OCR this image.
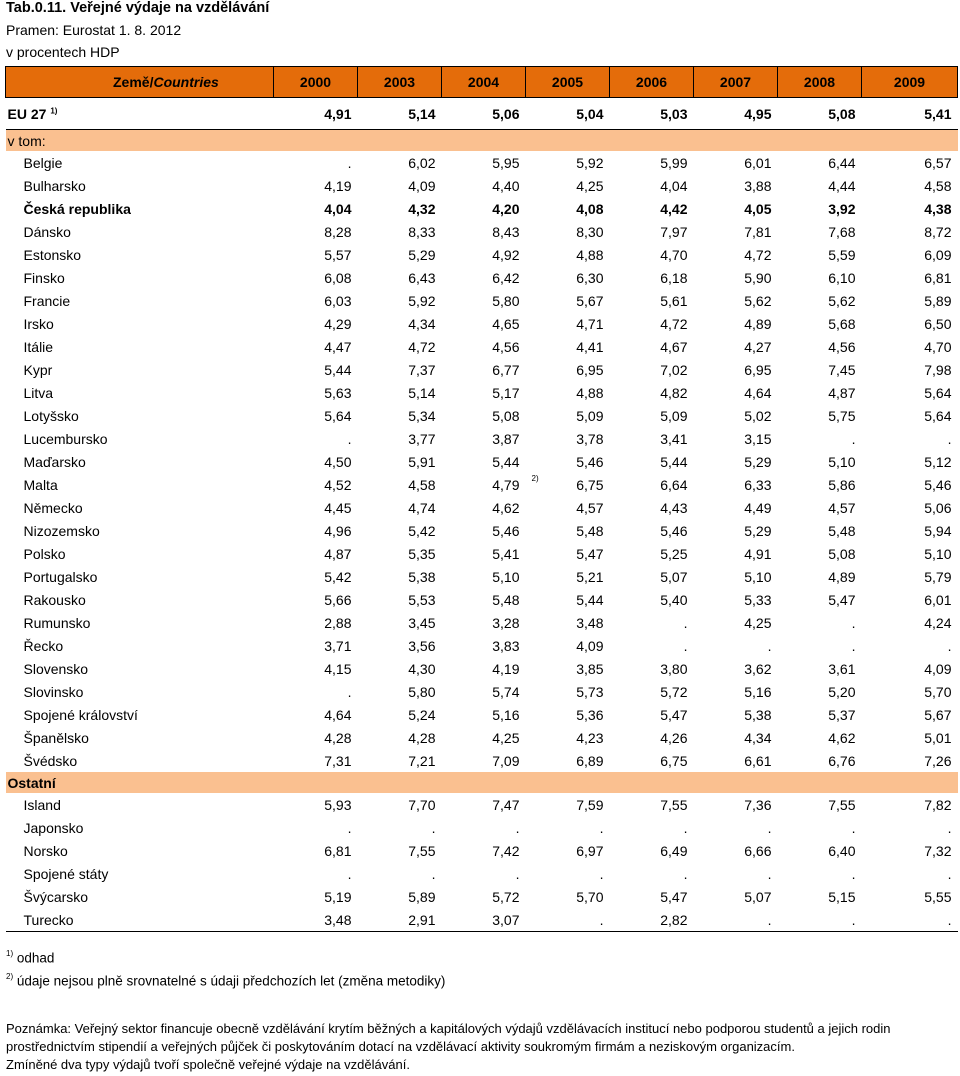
Tab.0.11. Veřejné výdaje na vzdělávání
Pramen: Eurostat 1. 8. 2012
v procentech HDP
Země/Countries	2000	2003	2004	2005	2006	2007	2008	2009
EU 27 $^{1)}$	4,91	5,14	5,06	5,04	5,03	4,95	5,08	5,41
v tom:								
Belgie	.	6,02	5,95	5,92	5,99	6,01	6,44	6,57
Bulharsko	4,19	4,09	4,40	4,25	4,04	3,88	4,44	4,58
Česká republika	4,04	4,32	4,20	4,08	4,42	4,05	3,92	4,38
Dánsko	8,28	8,33	8,43	8,30	7,97	7,81	7,68	8,72
Estonsko	5,57	5,29	4,92	4,88	4,70	4,72	5,59	6,09
Finsko	6,08	6,43	6,42	6,30	6,18	5,90	6,10	6,81
Francie	6,03	5,92	5,80	5,67	5,61	5,62	5,62	5,89
Irsko	4,29	4,34	4,65	4,71	4,72	4,89	5,68	6,50
Itálie	4,47	4,72	4,56	4,41	4,67	4,27	4,56	4,70
Kypr	5,44	7,37	6,77	6,95	7,02	6,95	7,45	7,98
Litva	5,63	5,14	5,17	4,88	4,82	4,64	4,87	5,64
Lotyšsko	5,64	5,34	5,08	5,09	5,09	5,02	5,75	5,64
Lucembursko	.	3,77	3,87	3,78	3,41	3,15	.	.
Maďarsko	4,50	5,91	5,44	5,46	5,44	5,29	5,10	5,12
Malta	4,52	4,58	4,79	2) 6,75	6,64	6,33	5,86	5,46
Německo	4,45	4,74	4,62	4,57	4,43	4,49	4,57	5,06
Nizozemsko	4,96	5,42	5,46	5,48	5,46	5,29	5,48	5,94
Polsko	4,87	5,35	5,41	5,47	5,25	4,91	5,08	5,10
Portugalsko	5,42	5,38	5,10	5,21	5,07	5,10	4,89	5,79
Rakousko	5,66	5,53	5,48	5,44	5,40	5,33	5,47	6,01
Rumunsko	2,88	3,45	3,28	3,48	.	4,25	.	4,24
Řecko	3,71	3,56	3,83	4,09	.	.	.	.
Slovensko	4,15	4,30	4,19	3,85	3,80	3,62	3,61	4,09
Slovinsko	.	5,80	5,74	5,73	5,72	5,16	5,20	5,70
Spojené království	4,64	5,24	5,16	5,36	5,47	5,38	5,37	5,67
Španělsko	4,28	4,28	4,25	4,23	4,26	4,34	4,62	5,01
Švédsko	7,31	7,21	7,09	6,89	6,75	6,61	6,76	7,26
Ostatní								
Island	5,93	7,70	7,47	7,59	7,55	7,36	7,55	7,82
Japonsko	.	.	.	.	.	.	.	.
Norsko	6,81	7,55	7,42	6,97	6,49	6,66	6,40	7,32
Spojené státy	.	.	.	.	.	.	.	.
Švýcarsko	5,19	5,89	5,72	5,70	5,47	5,07	5,15	5,55
Turecko	3,48	2,91	3,07	.	2,82	.	.	.
$^{1)}$ odhad
$^{2)}$ údaje nejsou plně srovnatelné s údaji předchozích let (změna metodiky)

Poznámka: Veřejný sektor financuje obecně vzdělávání krytím běžných a kapitálových výdajů vzdělávacích institucí nebo podporou studentů a jejich rodin prostřednictvím stipendií a veřejných půjček či poskytováním dotací na vzdělávací aktivity soukromým firmám a neziskovým organizacím.

Zmíněné dva typy výdajů tvoří společně veřejné výdaje na vzdělávání.
